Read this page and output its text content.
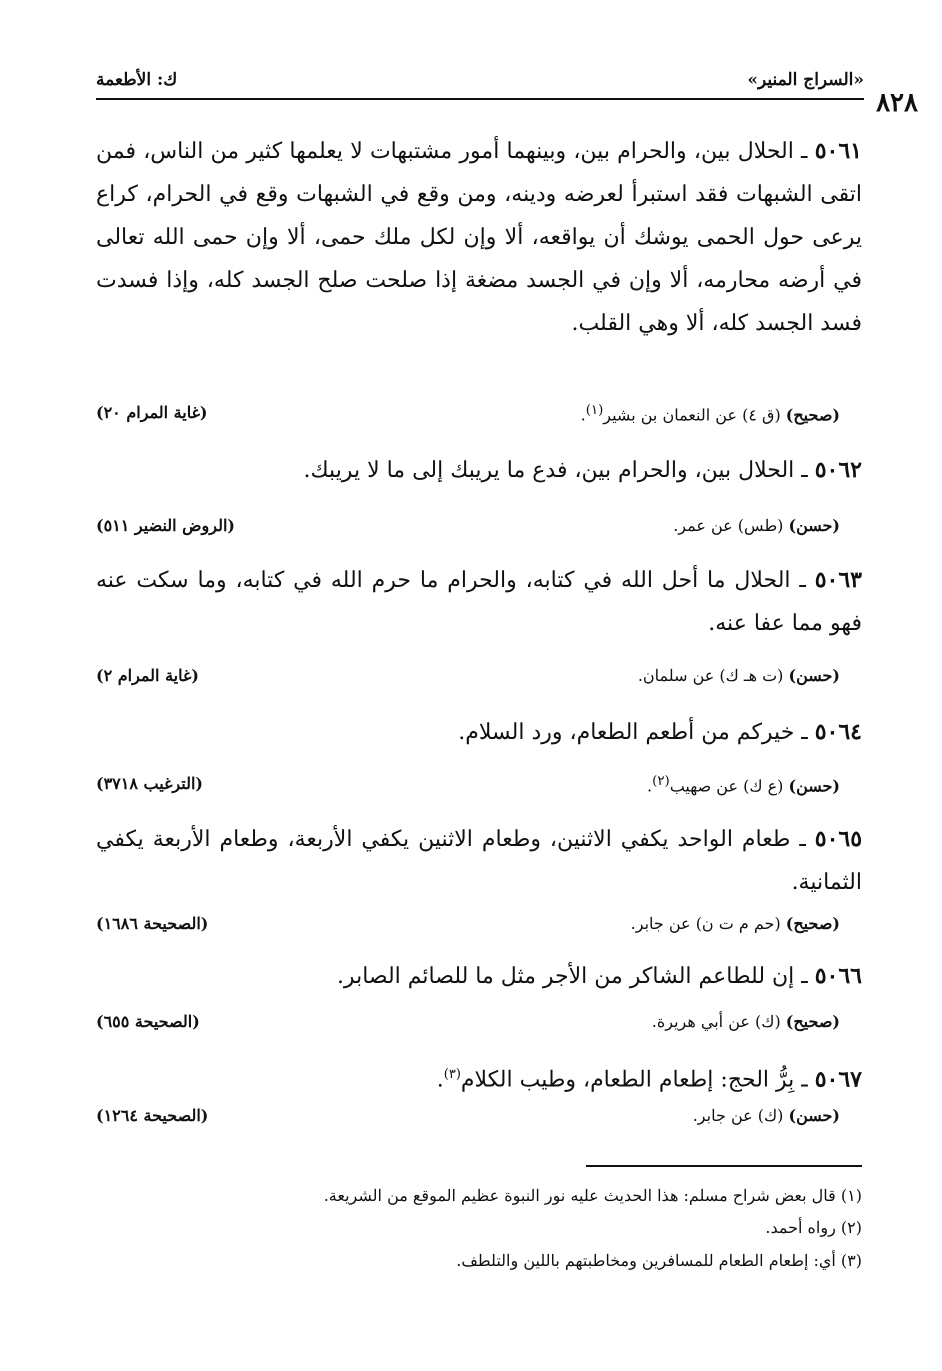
ك: الأطعمة	«السراج المنير»
٨٢٨
٥٠٦١ ـ الحلال بين، والحرام بين، وبينهما أمور مشتبهات لا يعلمها كثير من الناس، فمن اتقى الشبهات فقد استبرأ لعرضه ودينه، ومن وقع في الشبهات وقع في الحرام، كراع يرعى حول الحمى يوشك أن يواقعه، ألا وإن لكل ملك حمى، ألا وإن حمى الله تعالى في أرضه محارمه، ألا وإن في الجسد مضغة إذا صلحت صلح الجسد كله، وإذا فسدت فسد الجسد كله، ألا وهي القلب.
(صحيح) (ق ٤) عن النعمان بن بشير$^{(١)}$.
(غاية المرام ٢٠)
٥٠٦٢ ـ الحلال بين، والحرام بين، فدع ما يريبك إلى ما لا يريبك.
(حسن) (طس) عن عمر.
(الروض النضير ٥١١)
٥٠٦٣ ـ الحلال ما أحل الله في كتابه، والحرام ما حرم الله في كتابه، وما سكت عنه فهو مما عفا عنه.
(حسن) (ت هـ ك) عن سلمان.
(غاية المرام ٢)
٥٠٦٤ ـ خيركم من أطعم الطعام، ورد السلام.
(حسن) (ع ك) عن صهيب$^{(٢)}$.
(الترغيب ٣٧١٨)
٥٠٦٥ ـ طعام الواحد يكفي الاثنين، وطعام الاثنين يكفي الأربعة، وطعام الأربعة يكفي الثمانية.
(صحيح) (حم م ت ن) عن جابر.
(الصحيحة ١٦٨٦)
٥٠٦٦ ـ إن للطاعم الشاكر من الأجر مثل ما للصائم الصابر.
(صحيح) (ك) عن أبي هريرة.
(الصحيحة ٦٥٥)
٥٠٦٧ ـ بِرُّ الحج: إطعام الطعام، وطيب الكلام$^{(٣)}$.
(حسن) (ك) عن جابر.
(الصحيحة ١٢٦٤)
(١) قال بعض شراح مسلم: هذا الحديث عليه نور النبوة عظيم الموقع من الشريعة.
(٢) رواه أحمد.
(٣) أي: إطعام الطعام للمسافرين ومخاطبتهم باللين والتلطف.
